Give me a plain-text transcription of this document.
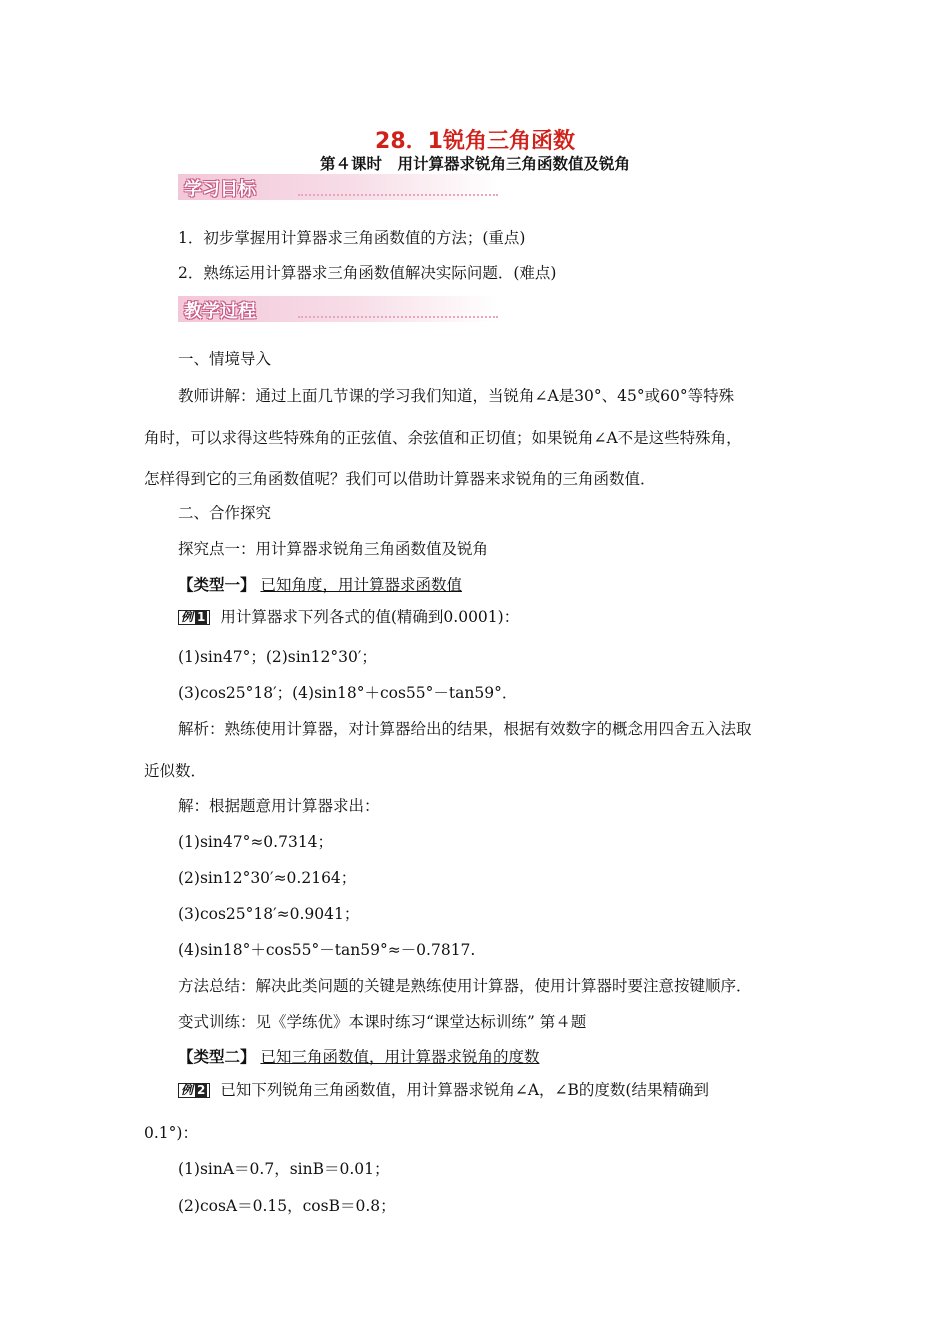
28．1锐角三角函数
第４课时　用计算器求锐角三角函数值及锐角
学习目标
1．初步掌握用计算器求三角函数值的方法；(重点)
2．熟练运用计算器求三角函数值解决实际问题．(难点)
教学过程
一、情境导入
教师讲解：通过上面几节课的学习我们知道，当锐角∠A是30°、45°或60°等特殊
角时，可以求得这些特殊角的正弦值、余弦值和正切值；如果锐角∠A不是这些特殊角，
怎样得到它的三角函数值呢？我们可以借助计算器来求锐角的三角函数值．
二、合作探究
探究点一：用计算器求锐角三角函数值及锐角
【类型一】 已知角度，用计算器求函数值
例 1 用计算器求下列各式的值(精确到0.0001)：
(1)sin47°；(2)sin12°30′；
(3)cos25°18′；(4)sin18°＋cos55°－tan59°．
解析：熟练使用计算器，对计算器给出的结果，根据有效数字的概念用四舍五入法取
近似数．
解：根据题意用计算器求出：
(1)sin47°≈0.7314；
(2)sin12°30′≈0.2164；
(3)cos25°18′≈0.9041；
(4)sin18°＋cos55°－tan59°≈－0.7817.
方法总结：解决此类问题的关键是熟练使用计算器，使用计算器时要注意按键顺序．
变式训练：见《学练优》本课时练习“课堂达标训练” 第４题
【类型二】 已知三角函数值，用计算器求锐角的度数
例 2 已知下列锐角三角函数值，用计算器求锐角∠A，∠B的度数(结果精确到
0.1°)：
(1)sinA＝0.7，sinB＝0.01；
(2)cosA＝0.15，cosB＝0.8；
